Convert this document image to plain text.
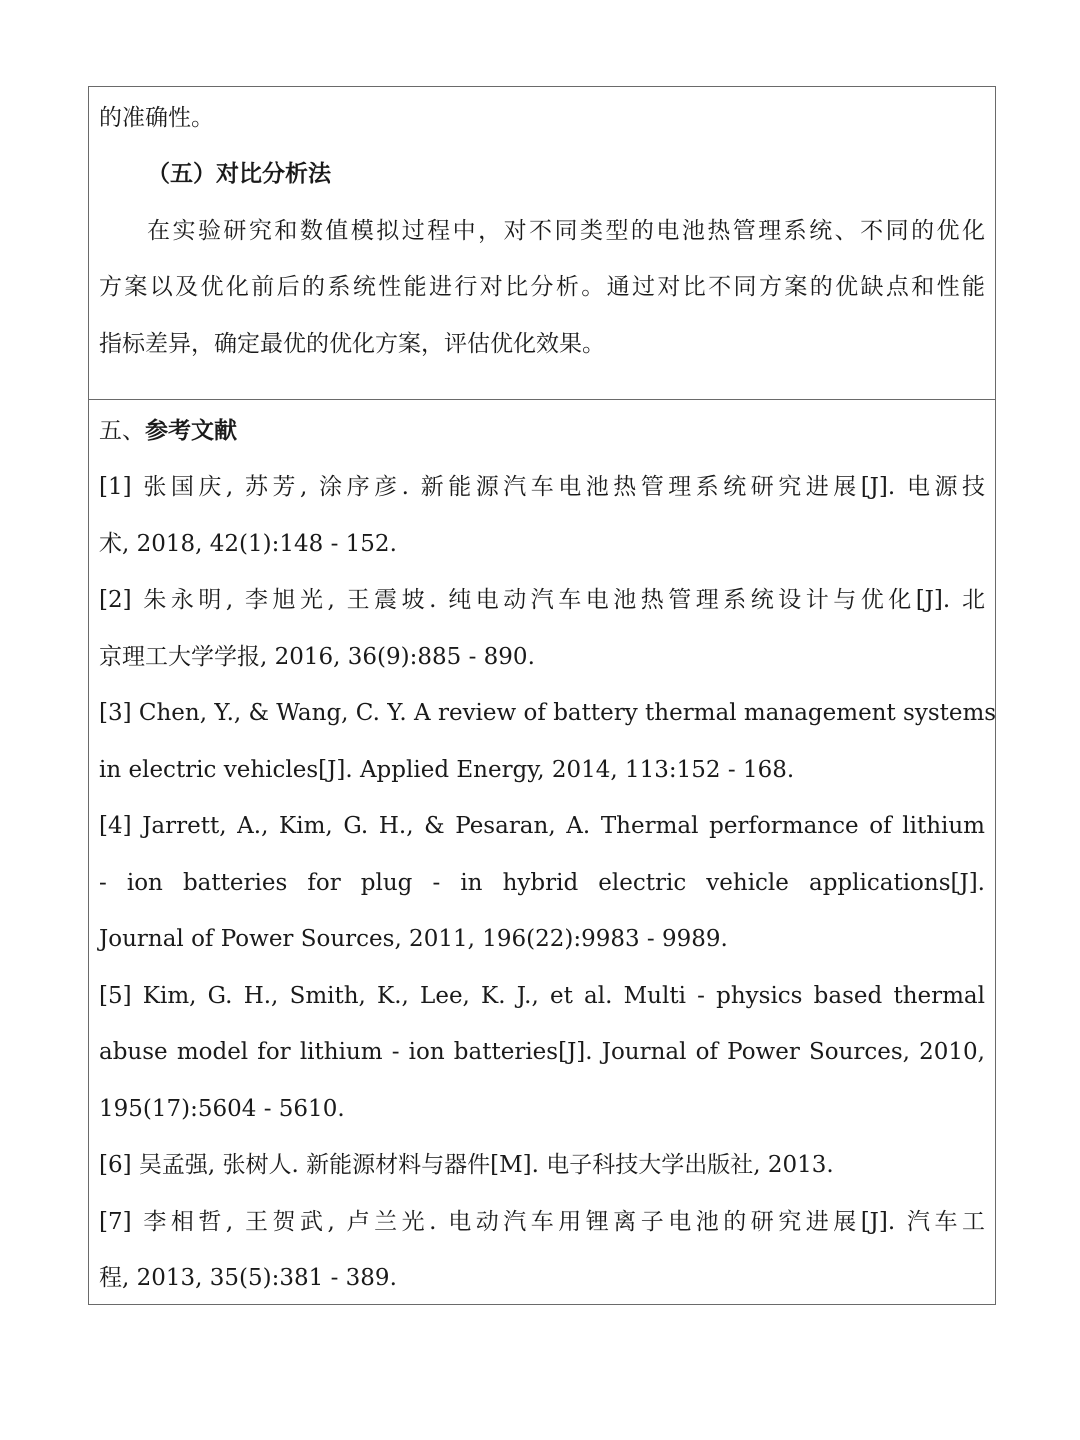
的准确性。
（五）对比分析法
在实验研究和数值模拟过程中，对不同类型的电池热管理系统、不同的优化
方案以及优化前后的系统性能进行对比分析。通过对比不同方案的优缺点和性能
指标差异，确定最优的优化方案，评估优化效果。
五、参考文献
[1] 张国庆, 苏芳, 涂序彦. 新能源汽车电池热管理系统研究进展[J]. 电源技
术, 2018, 42(1):148 - 152.
[2] 朱永明, 李旭光, 王震坡. 纯电动汽车电池热管理系统设计与优化[J]. 北
京理工大学学报, 2016, 36(9):885 - 890.
[3] Chen, Y., & Wang, C. Y. A review of battery thermal management systems
in electric vehicles[J]. Applied Energy, 2014, 113:152 - 168.
[4] Jarrett, A., Kim, G. H., & Pesaran, A. Thermal performance of lithium
- ion batteries for plug - in hybrid electric vehicle applications[J].
Journal of Power Sources, 2011, 196(22):9983 - 9989.
[5] Kim, G. H., Smith, K., Lee, K. J., et al. Multi - physics based thermal
abuse model for lithium - ion batteries[J]. Journal of Power Sources, 2010,
195(17):5604 - 5610.
[6] 吴孟强, 张树人. 新能源材料与器件[M]. 电子科技大学出版社, 2013.
[7] 李相哲, 王贺武, 卢兰光. 电动汽车用锂离子电池的研究进展[J]. 汽车工
程, 2013, 35(5):381 - 389.
